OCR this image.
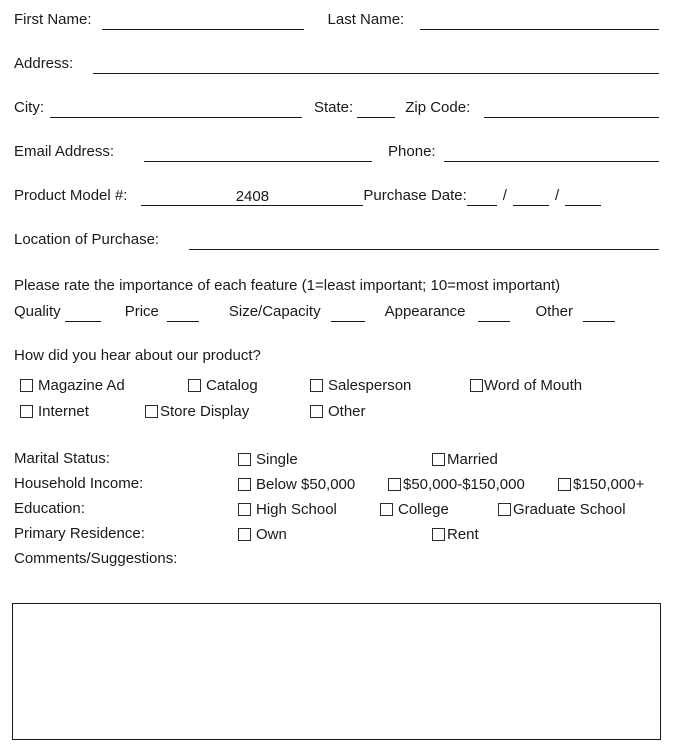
First Name:	Last Name:
Address:
City:	State:	Zip Code:
Email Address:	Phone:
Product Model #:	2408	Purchase Date: /	/
Location of Purchase:
Please rate the importance of each feature (1=least important; 10=most important)
Quality	Price	Size/Capacity	Appearance	Other
How did you hear about our product?
Magazine Ad	Catalog	Salesperson	Word of Mouth
Internet	Store Display	Other
Marital Status:	Single	Married
Household Income:	Below $50,000	$50,000-$150,000	$150,000+
Education:	High School	College	Graduate School
Primary Residence:	Own	Rent
Comments/Suggestions:
